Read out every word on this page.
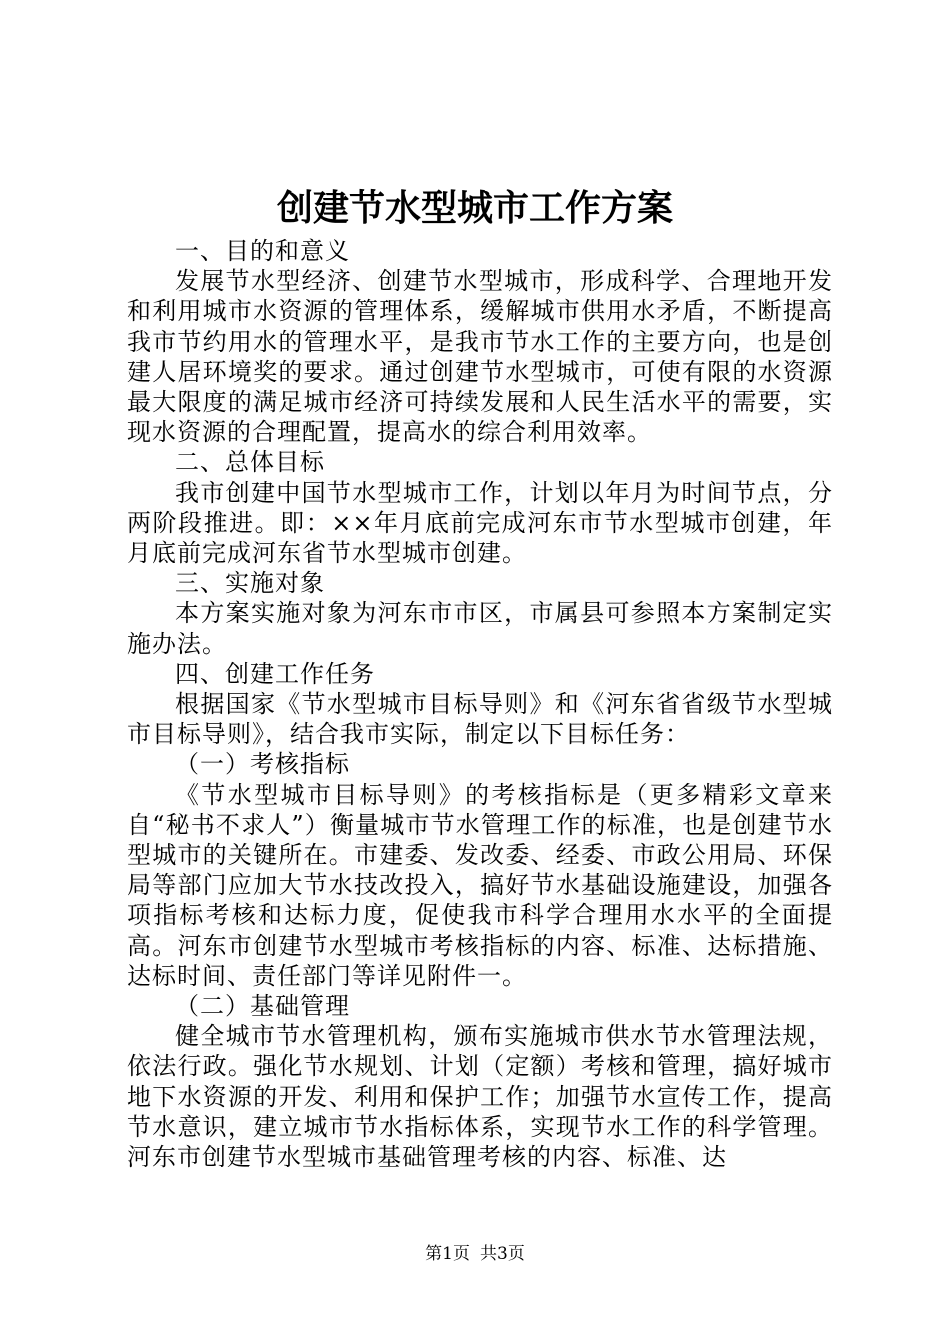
创建节水型城市工作方案

一、目的和意义

发展节水型经济、创建节水型城市，形成科学、合理地开发和利用城市水资源的管理体系，缓解城市供用水矛盾，不断提高我市节约用水的管理水平，是我市节水工作的主要方向，也是创建人居环境奖的要求。通过创建节水型城市，可使有限的水资源最大限度的满足城市经济可持续发展和人民生活水平的需要，实现水资源的合理配置，提高水的综合利用效率。

二、总体目标

我市创建中国节水型城市工作，计划以年月为时间节点，分两阶段推进。即：××年月底前完成河东市节水型城市创建，年月底前完成河东省节水型城市创建。

三、实施对象

本方案实施对象为河东市市区，市属县可参照本方案制定实施办法。

四、创建工作任务

根据国家《节水型城市目标导则》和《河东省省级节水型城市目标导则》，结合我市实际，制定以下目标任务：

（一）考核指标

《节水型城市目标导则》的考核指标是（更多精彩文章来自“秘书不求人”）衡量城市节水管理工作的标准，也是创建节水型城市的关键所在。市建委、发改委、经委、市政公用局、环保局等部门应加大节水技改投入，搞好节水基础设施建设，加强各项指标考核和达标力度，促使我市科学合理用水水平的全面提高。河东市创建节水型城市考核指标的内容、标准、达标措施、达标时间、责任部门等详见附件一。

（二）基础管理

健全城市节水管理机构，颁布实施城市供水节水管理法规，依法行政。强化节水规划、计划（定额）考核和管理，搞好城市地下水资源的开发、利用和保护工作；加强节水宣传工作，提高节水意识，建立城市节水指标体系，实现节水工作的科学管理。河东市创建节水型城市基础管理考核的内容、标准、达

第1页 共3页
